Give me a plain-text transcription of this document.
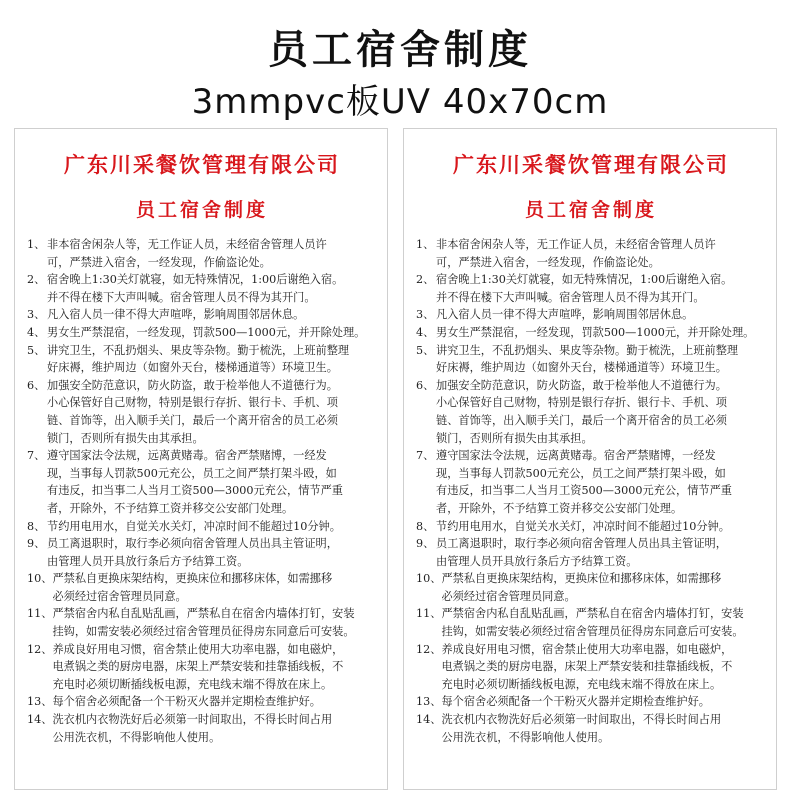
员工宿舍制度
3mmpvc板UV 40x70cm
广东川采餐饮管理有限公司
员工宿舍制度
1、 非本宿舍闲杂人等，无工作证人员，未经宿舍管理人员许
可，严禁进入宿舍，一经发现，作偷盗论处。
2、 宿舍晚上1:30关灯就寝，如无特殊情况，1:00后谢绝入宿。
并不得在楼下大声叫喊。宿舍管理人员不得为其开门。
3、 凡入宿人员一律不得大声喧哗，影响周围邻居休息。
4、 男女生严禁混宿，一经发现，罚款500—1000元，并开除处理。
5、 讲究卫生，不乱扔烟头、果皮等杂物。勤于梳洗，上班前整理
好床褥，维护周边（如窗外天台，楼梯通道等）环境卫生。
6、 加强安全防范意识，防火防盗，敢于检举他人不道德行为。
小心保管好自己财物，特别是银行存折、银行卡、手机、项
链、首饰等，出入顺手关门，最后一个离开宿舍的员工必须
锁门，否则所有损失由其承担。
7、 遵守国家法令法规，远离黄赌毒。宿舍严禁赌博，一经发
现，当事每人罚款500元充公，员工之间严禁打架斗殴，如
有违反，扣当事二人当月工资500—3000元充公，情节严重
者，开除外，不予结算工资并移交公安部门处理。
8、 节约用电用水，自觉关水关灯，冲凉时间不能超过10分钟。
9、 员工离退职时，取行李必须向宿舍管理人员出具主管证明，
由管理人员开具放行条后方予结算工资。
10、 严禁私自更换床架结构，更换床位和挪移床体，如需挪移
必须经过宿舍管理员同意。
11、 严禁宿舍内私自乱贴乱画，严禁私自在宿舍内墙体打钉，安装
挂钩，如需安装必须经过宿舍管理员征得房东同意后可安装。
12、 养成良好用电习惯，宿舍禁止使用大功率电器，如电磁炉，
电煮锅之类的厨房电器，床架上严禁安装和挂靠插线板，不
充电时必须切断插线板电源，充电线末端不得放在床上。
13、 每个宿舍必须配备一个干粉灭火器并定期检查维护好。
14、 洗衣机内衣物洗好后必须第一时间取出，不得长时间占用
公用洗衣机，不得影响他人使用。
广东川采餐饮管理有限公司
员工宿舍制度
1、 非本宿舍闲杂人等，无工作证人员，未经宿舍管理人员许
可，严禁进入宿舍，一经发现，作偷盗论处。
2、 宿舍晚上1:30关灯就寝，如无特殊情况，1:00后谢绝入宿。
并不得在楼下大声叫喊。宿舍管理人员不得为其开门。
3、 凡入宿人员一律不得大声喧哗，影响周围邻居休息。
4、 男女生严禁混宿，一经发现，罚款500—1000元，并开除处理。
5、 讲究卫生，不乱扔烟头、果皮等杂物。勤于梳洗，上班前整理
好床褥，维护周边（如窗外天台，楼梯通道等）环境卫生。
6、 加强安全防范意识，防火防盗，敢于检举他人不道德行为。
小心保管好自己财物，特别是银行存折、银行卡、手机、项
链、首饰等，出入顺手关门，最后一个离开宿舍的员工必须
锁门，否则所有损失由其承担。
7、 遵守国家法令法规，远离黄赌毒。宿舍严禁赌博，一经发
现，当事每人罚款500元充公，员工之间严禁打架斗殴，如
有违反，扣当事二人当月工资500—3000元充公，情节严重
者，开除外，不予结算工资并移交公安部门处理。
8、 节约用电用水，自觉关水关灯，冲凉时间不能超过10分钟。
9、 员工离退职时，取行李必须向宿舍管理人员出具主管证明，
由管理人员开具放行条后方予结算工资。
10、 严禁私自更换床架结构，更换床位和挪移床体，如需挪移
必须经过宿舍管理员同意。
11、 严禁宿舍内私自乱贴乱画，严禁私自在宿舍内墙体打钉，安装
挂钩，如需安装必须经过宿舍管理员征得房东同意后可安装。
12、 养成良好用电习惯，宿舍禁止使用大功率电器，如电磁炉，
电煮锅之类的厨房电器，床架上严禁安装和挂靠插线板，不
充电时必须切断插线板电源，充电线末端不得放在床上。
13、 每个宿舍必须配备一个干粉灭火器并定期检查维护好。
14、 洗衣机内衣物洗好后必须第一时间取出，不得长时间占用
公用洗衣机，不得影响他人使用。
